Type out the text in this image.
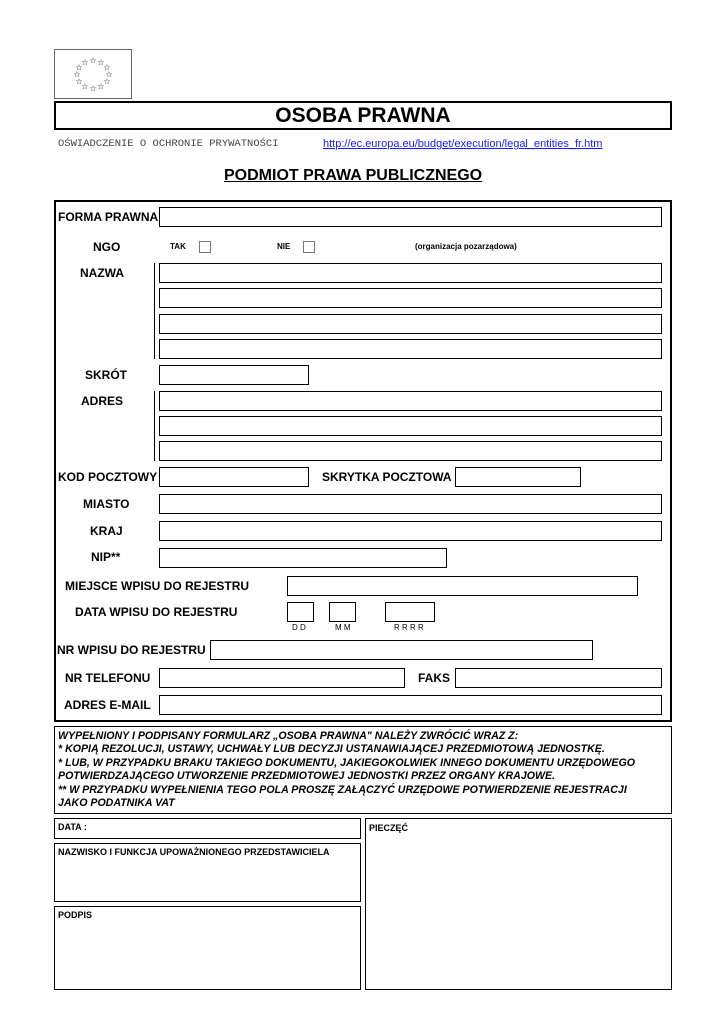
☆ ☆
☆
☆
☆
☆
☆
☆
☆
☆
☆
☆
OSOBA PRAWNA
OŚWIADCZENIE O OCHRONIE PRYWATNOŚCI	http://ec.europa.eu/budget/execution/legal_entities_fr.htm
PODMIOT PRAWA PUBLICZNEGO
FORMA PRAWNA
NGO	TAK	NIE	(organizacja pozarządowa)
NAZWA
SKRÓT
ADRES
KOD POCZTOWY	SKRYTKA POCZTOWA
MIASTO
KRAJ
NIP**
MIEJSCE WPISU DO REJESTRU
DATA WPISU DO REJESTRU
D D	M M	R R R R
NR WPISU DO REJESTRU
NR TELEFONU	FAKS
ADRES E-MAIL
WYPEŁNIONY I PODPISANY FORMULARZ „OSOBA PRAWNA" NALEŻY ZWRÓCIĆ WRAZ Z:
* KOPIĄ REZOLUCJI, USTAWY, UCHWAŁY LUB DECYZJI USTANAWIAJĄCEJ PRZEDMIOTOWĄ JEDNOSTKĘ.
* LUB, W PRZYPADKU BRAKU TAKIEGO DOKUMENTU, JAKIEGOKOLWIEK INNEGO DOKUMENTU URZĘDOWEGO
POTWIERDZAJĄCEGO UTWORZENIE PRZEDMIOTOWEJ JEDNOSTKI PRZEZ ORGANY KRAJOWE.
** W PRZYPADKU WYPEŁNIENIA TEGO POLA PROSZĘ ZAŁĄCZYĆ URZĘDOWE POTWIERDZENIE REJESTRACJI
JAKO PODATNIKA VAT
DATA :	PIECZĘĆ
NAZWISKO I FUNKCJA UPOWAŻNIONEGO PRZEDSTAWICIELA
PODPIS
